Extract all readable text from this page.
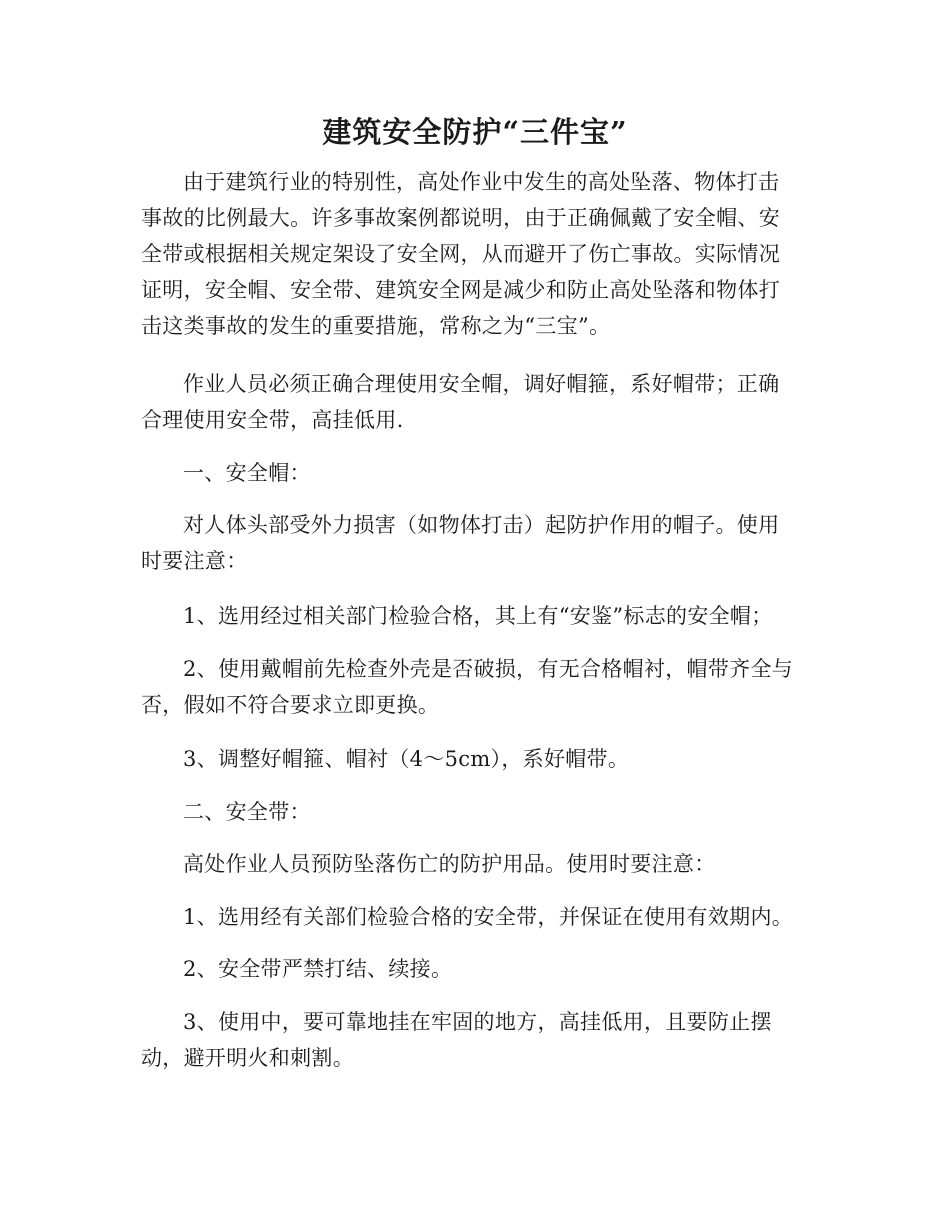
建筑安全防护“三件宝”

由于建筑行业的特别性，高处作业中发生的高处坠落、物体打击
事故的比例最大。许多事故案例都说明，由于正确佩戴了安全帽、安
全带或根据相关规定架设了安全网，从而避开了伤亡事故。实际情况
证明，安全帽、安全带、建筑安全网是减少和防止高处坠落和物体打
击这类事故的发生的重要措施，常称之为“三宝”。

作业人员必须正确合理使用安全帽，调好帽箍，系好帽带；正确
合理使用安全带，高挂低用.

一、安全帽：

对人体头部受外力损害（如物体打击）起防护作用的帽子。使用
时要注意：

1、选用经过相关部门检验合格，其上有“安鉴”标志的安全帽；

2、使用戴帽前先检查外壳是否破损，有无合格帽衬，帽带齐全与
否，假如不符合要求立即更换。

3、调整好帽箍、帽衬（4～5cm），系好帽带。

二、安全带：

高处作业人员预防坠落伤亡的防护用品。使用时要注意：

1、选用经有关部们检验合格的安全带，并保证在使用有效期内。

2、安全带严禁打结、续接。

3、使用中，要可靠地挂在牢固的地方，高挂低用，且要防止摆
动，避开明火和刺割。
